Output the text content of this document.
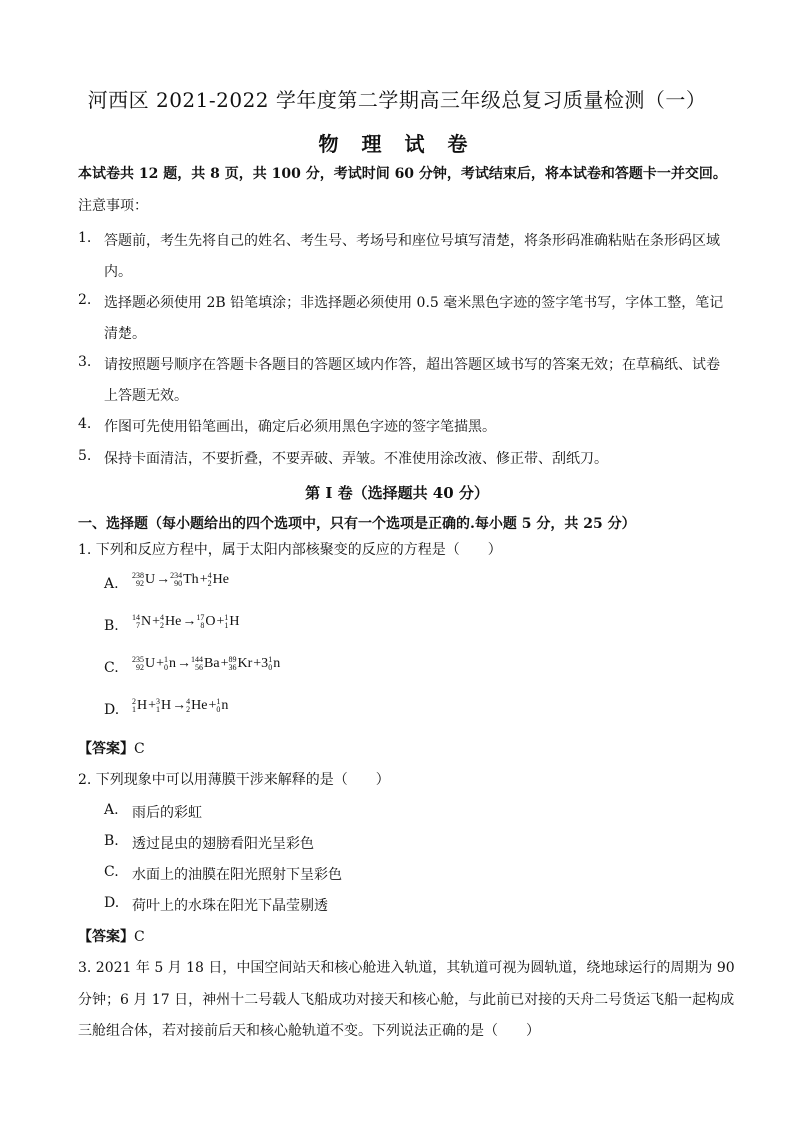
河西区 2021-2022 学年度第二学期高三年级总复习质量检测（一）
物 理 试 卷
本试卷共 12 题，共 8 页，共 100 分，考试时间 60 分钟，考试结束后，将本试卷和答题卡一并交回。
注意事项：
1. 答题前，考生先将自己的姓名、考生号、考场号和座位号填写清楚，将条形码准确粘贴在条形码区域
内。
2. 选择题必须使用 2B 铅笔填涂；非选择题必须使用 0.5 毫米黑色字迹的签字笔书写，字体工整，笔记
清楚。
3. 请按照题号顺序在答题卡各题目的答题区域内作答，超出答题区域书写的答案无效；在草稿纸、试卷
上答题无效。
4. 作图可先使用铅笔画出，确定后必须用黑色字迹的签字笔描黑。
5. 保持卡面清洁，不要折叠，不要弄破、弄皱。不准使用涂改液、修正带、刮纸刀。
第 I 卷（选择题共 40 分）
一、选择题（每小题给出的四个选项中，只有一个选项是正确的.每小题 5 分，共 25 分）
1. 下列和反应方程中，属于太阳内部核聚变的反应的方程是（　　）
A.
238
92 U→ 234
90 Th+ 4
2 He
B.
14
7 N+ 4
2 He→ 17
8 O+ 1
1 H
C.
235
92 U+ 1
0 n→ 144
56 Ba+ 89
36 Kr+3 1
0 n
D.
2
1 H+ 3
1 H→ 4
2 He+ 1
0 n
【答案】C
2. 下列现象中可以用薄膜干涉来解释的是（　　）
A. 雨后的彩虹
B. 透过昆虫的翅膀看阳光呈彩色
C. 水面上的油膜在阳光照射下呈彩色
D. 荷叶上的水珠在阳光下晶莹剔透
【答案】C
3. 2021 年 5 月 18 日，中国空间站天和核心舱进入轨道，其轨道可视为圆轨道，绕地球运行的周期为 90
分钟；6 月 17 日，神州十二号载人飞船成功对接天和核心舱，与此前已对接的天舟二号货运飞船一起构成
三舱组合体，若对接前后天和核心舱轨道不变。下列说法正确的是（　　）
